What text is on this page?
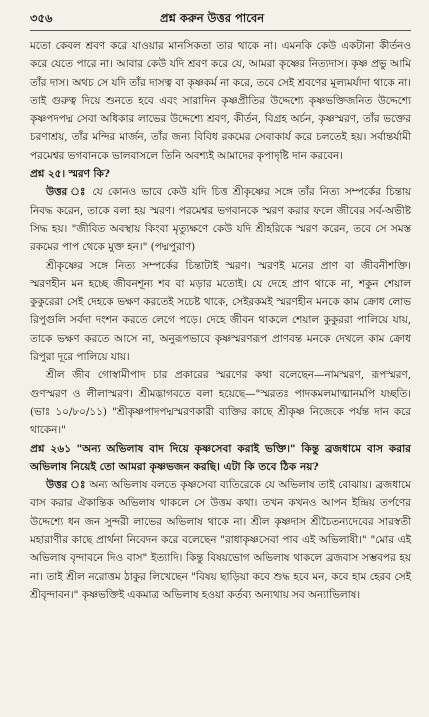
৩৫৬	প্রশ্ন করুন উত্তর পাবেন

মতো কেবল শ্রবণ করে যাওয়ার মানসিকতা তার থাকে না। এমনকি কেউ একটানা কীর্তনও করে যেতে পারে না। আবার কেউ যদি শ্রবণ করে যে, আমরা কৃষ্ণের নিত্যদাস। কৃষ্ণ প্রভু আমি তাঁর দাস। অথচ সে যদি তাঁর দাসত্ব বা কৃষ্ণকর্ম না করে, তবে সেই শ্রবণের মূল্যমর্যাদা থাকে না। তাই গুরুত্ব দিয়ে শুনতে হবে এবং সারাদিন কৃষ্ণপ্রীতির উদ্দেশ্যে কৃষ্ণভক্তিজনিত উদ্দেশ্যে কৃষ্ণপদপদ্ম সেবা অধিকার লাভের উদ্দেশ্যে শ্রবণ, কীর্তন, বিগ্রহ অর্চন, কৃষ্ণস্মরণ, তাঁর ভক্তের চরণাশ্রয়, তাঁর মন্দির মার্জন, তাঁর জন্য বিবিধ রকমের সেবাকার্য করে চলতেই হয়। সর্বান্তর্যামী পরমেশ্বর ভগবানকে ভালবাসলে তিনি অবশ্যই আমাদের কৃপাদৃষ্টি দান করবেন।

প্রশ্ন ২৫। স্মরণ কি?

উত্তর ঃ যে কোনও ভাবে কেউ যদি চিত্ত শ্রীকৃষ্ণের সঙ্গে তাঁর নিত্য সম্পর্কের চিন্তায় নিবদ্ধ করেন, তাকে বলা হয় স্মরণ। পরমেশ্বর ভগবানকে স্মরণ করার ফলে জীবের সর্ব-অভীষ্ট সিদ্ধ হয়। "জীবিত অবস্থায় কিংবা মৃত্যুক্ষণে কেউ যদি শ্রীহরিকে স্মরণ করেন, তবে সে সমস্ত রকমের পাপ থেকে মুক্ত হন।" (পদ্মপুরাণ)

শ্রীকৃষ্ণের সঙ্গে নিত্য সম্পর্কের চিন্তাটাই স্মরণ। স্মরণই মনের প্রাণ বা জীবনীশক্তি। স্মরণহীন মন হচ্ছে জীবনশূন্য শব বা মড়ার মতোই। যে দেহে প্রাণ থাকে না, শকুন শেয়াল কুকুরেরা সেই দেহকে ভক্ষণ করতেই সচেষ্ট থাকে, সেইরকমই স্মরণহীন মনকে কাম ক্রোধ লোভ রিপুগুলি সর্বদা দংশন করতে লেগে পড়ে। দেহে জীবন থাকলে শেয়াল কুকুররা পালিয়ে যায়, তাকে ভক্ষণ করতে আসে না, অনুরূপভাবে কৃষ্ণস্মরণরূপ প্রাণবন্ত মনকে দেখলে কাম ক্রোধ রিপুরা দূরে পালিয়ে যায়।

শ্রীল জীব গোস্বামীপাদ চার প্রকারের স্মরণের কথা বলেছেন—নামস্মরণ, রূপস্মরণ, গুণস্মরণ ও লীলাস্মরণ। শ্রীমদ্ভাগবতে বলা হয়েছে—"স্মরতঃ পাদকমলমাত্মানমপি যচ্ছতি। (ভাঃ ১০/৮০/১১) "শ্রীকৃষ্ণপাদপদ্মস্মরণকারী ব্যক্তির কাছে শ্রীকৃষ্ণ নিজেকে পর্যন্ত দান করে থাকেন।"

প্রশ্ন ২৬১ "অন্য অভিলাষ বাদ দিয়ে কৃষ্ণসেবা করাই ভক্তি।" কিন্তু ব্রজধামে বাস করার অভিলাষ নিয়েই তো আমরা কৃষ্ণভজন করছি। এটা কি তবে ঠিক নয়?

উত্তর ঃ অন্য অভিলাষ বলতে কৃষ্ণসেবা ব্যতিরেকে যে অভিলাষ তাই বোঝায়। ব্রজধামে বাস করার ঐকান্তিক অভিলাষ থাকলে সে উত্তম কথা। তখন কখনও আপন ইন্দ্রিয় তর্পণের উদ্দেশ্যে ধন জন সুন্দরী লাভের অভিলাষ থাকে না। শ্রীল কৃষ্ণদাস শ্রীচৈতন্যদেবের সারস্বতী মহারাণীর কাছে প্রার্থনা নিবেদন করে বলেছেন "রাধাকৃষ্ণসেবা পাব এই অভিলাষী।" "মোর এই অভিলাষ বৃন্দাবনে দিও বাস" ইত্যাদি। কিন্তু বিষয়ভোগ অভিলাষ থাকলে ব্রজবাস সম্ভবপর হয় না। তাই শ্রীল নরোত্তম ঠাকুর লিখেছেন "বিষয় ছাড়িয়া কবে শুদ্ধ হবে মন, কবে হাম হেরব সেই শ্রীবৃন্দাবন।" কৃষ্ণভক্তিই একমাত্র অভিলাষ হওয়া কর্তব্য অন্যথায় সব অন্যাভিলাষ।
